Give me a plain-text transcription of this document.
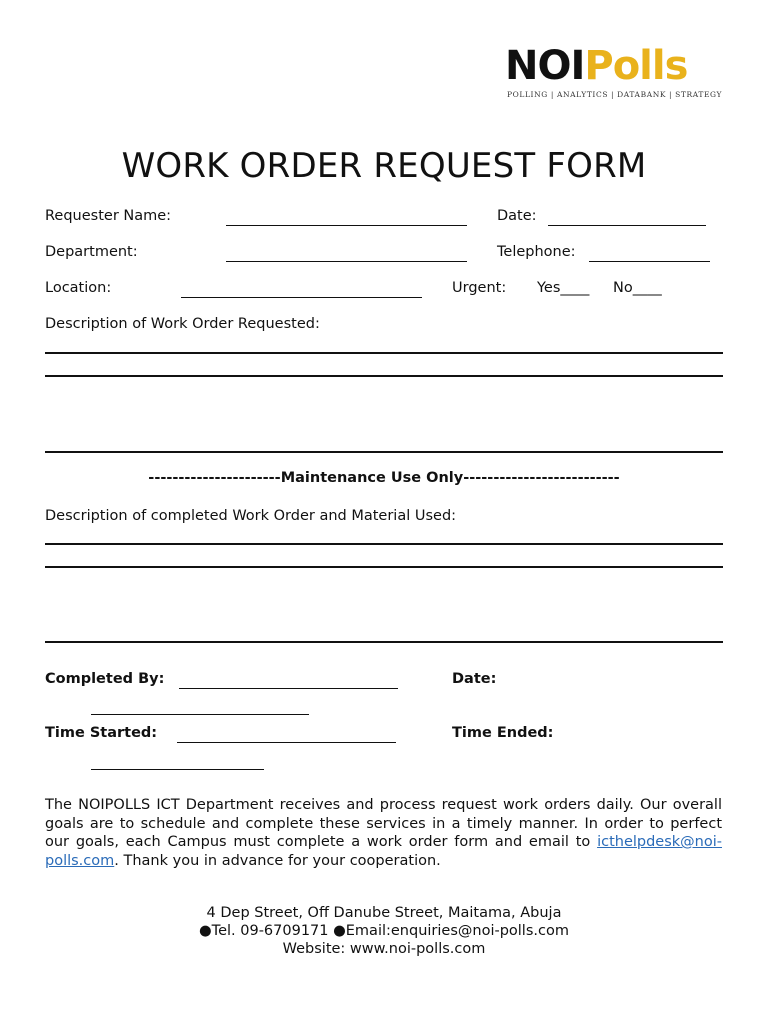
NOIPolls
POLLING | ANALYTICS | DATABANK | STRATEGY
WORK ORDER REQUEST FORM
Requester Name:	Date:
Department:	Telephone:
Location:	Urgent: Yes____ No____
Description of Work Order Requested:
----------------------Maintenance Use Only--------------------------
Description of completed Work Order and Material Used:
Completed By:	Date:
Time Started:	Time Ended:
The NOIPOLLS ICT Department receives and process request work orders daily. Our overall goals are to schedule and complete these services in a timely manner. In order to perfect our goals, each Campus must complete a work order form and email to icthelpdesk@noi-polls.com. Thank you in advance for your cooperation.
4 Dep Street, Off Danube Street, Maitama, Abuja
●Tel. 09-6709171 ●Email:enquiries@noi-polls.com
Website: www.noi-polls.com
